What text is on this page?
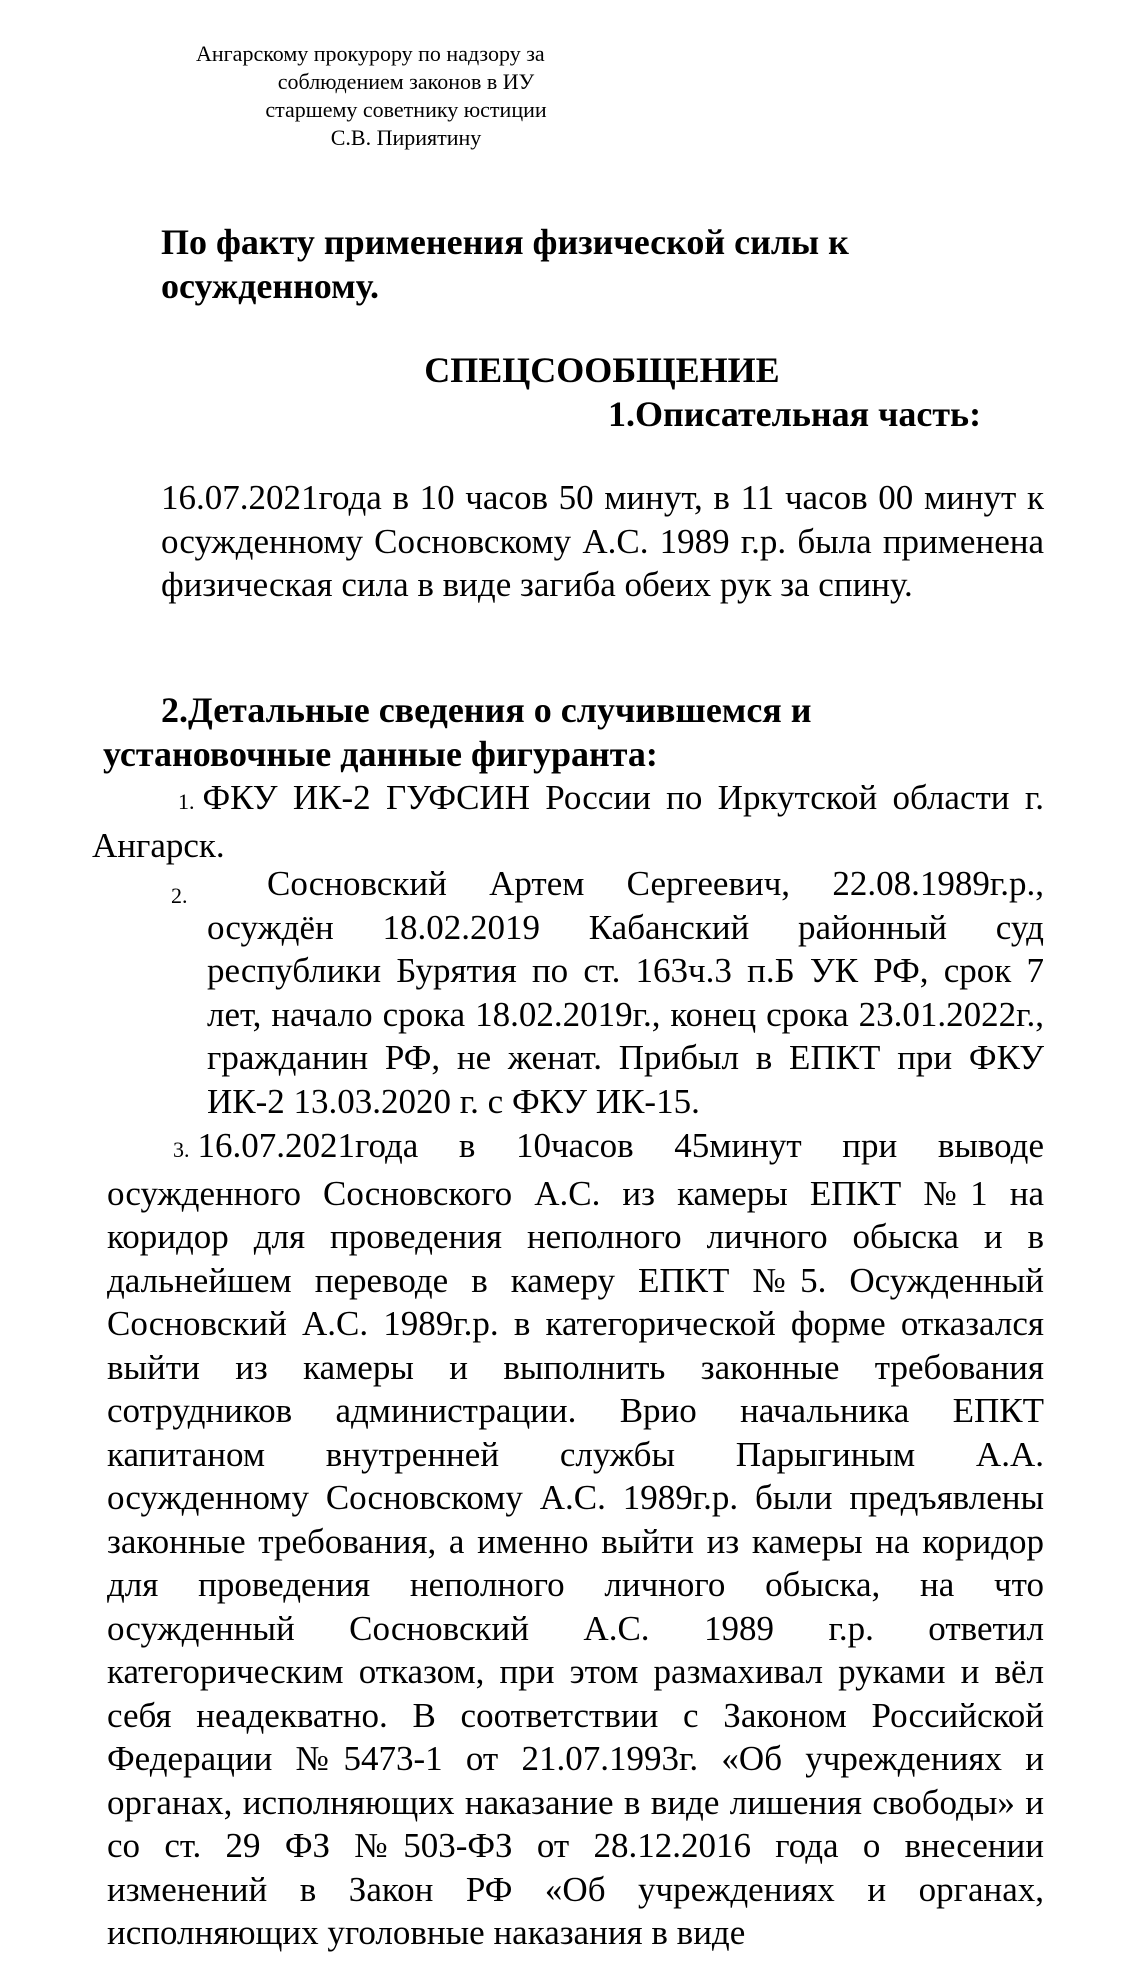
Ангарскому прокурору по надзору за
соблюдением законов в ИУ
старшему советнику юстиции
С.В. Пириятину
По факту применения физической силы к осужденному.
СПЕЦСООБЩЕНИЕ
1.Описательная часть:
16.07.2021года в 10 часов 50 минут, в 11 часов 00 минут к осужденному Сосновскому А.С. 1989 г.р. была применена физическая сила в виде загиба обеих рук за спину.
2.Детальные сведения о случившемся и
установочные данные фигуранта:
1. ФКУ ИК-2 ГУФСИН России по Иркутской области г. Ангарск.
2.	Сосновский Артем Сергеевич, 22.08.1989г.р., осуждён 18.02.2019 Кабанский районный суд республики Бурятия по ст. 163ч.3 п.Б УК РФ, срок 7 лет, начало срока 18.02.2019г., конец срока 23.01.2022г., гражданин РФ, не женат. Прибыл в ЕПКТ при ФКУ ИК-2 13.03.2020 г. с ФКУ ИК-15.
3. 16.07.2021года в 10часов 45минут при выводе осужденного Сосновского А.С. из камеры ЕПКТ №1 на коридор для проведения неполного личного обыска и в дальнейшем переводе в камеру ЕПКТ №5. Осужденный Сосновский А.С. 1989г.р. в категорической форме отказался выйти из камеры и выполнить законные требования сотрудников администрации. Врио начальника ЕПКТ капитаном внутренней службы Парыгиным А.А. осужденному Сосновскому А.С. 1989г.р. были предъявлены законные требования, а именно выйти из камеры на коридор для проведения неполного личного обыска, на что осужденный Сосновский А.С. 1989 г.р. ответил категорическим отказом, при этом размахивал руками и вёл себя неадекватно. В соответствии с Законом Российской Федерации №5473-1 от 21.07.1993г. «Об учреждениях и органах, исполняющих наказание в виде лишения свободы» и со ст. 29 ФЗ №503-ФЗ от 28.12.2016 года о внесении изменений в Закон РФ «Об учреждениях и органах, исполняющих уголовные наказания в виде
